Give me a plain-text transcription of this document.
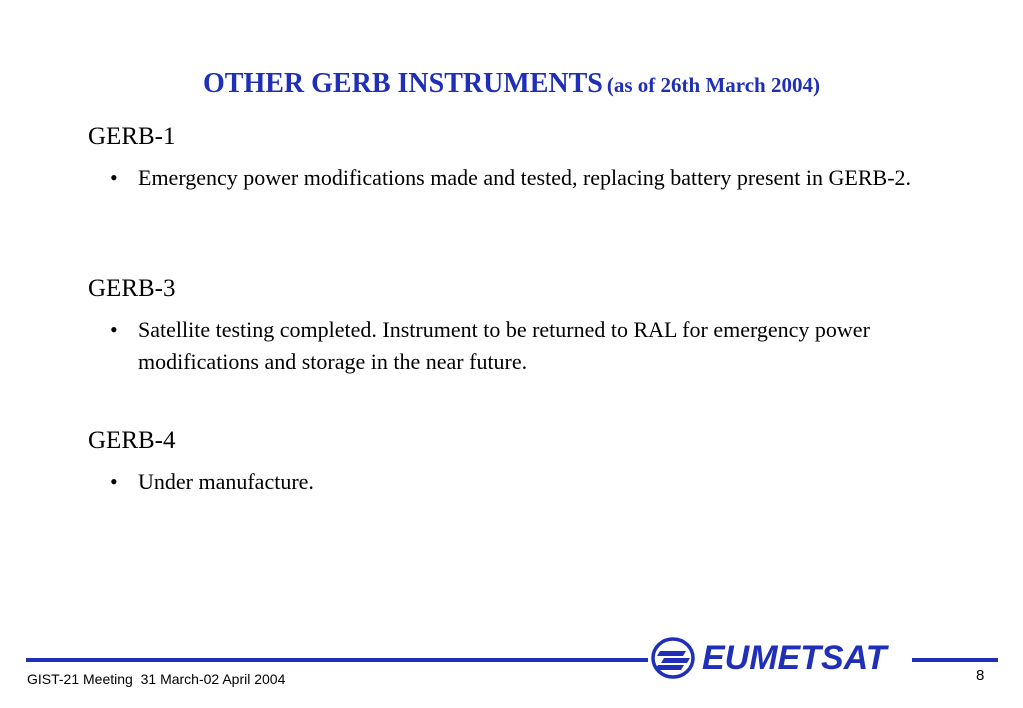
OTHER GERB INSTRUMENTS (as of 26th March 2004)
GERB-1
• Emergency power modifications made and tested, replacing battery present in GERB-2.
GERB-3
• Satellite testing completed. Instrument to be returned to RAL for emergency power modifications and storage in the near future.
GERB-4
• Under manufacture.
EUMETSAT
GIST-21 Meeting  31 March-02 April 2004	8
